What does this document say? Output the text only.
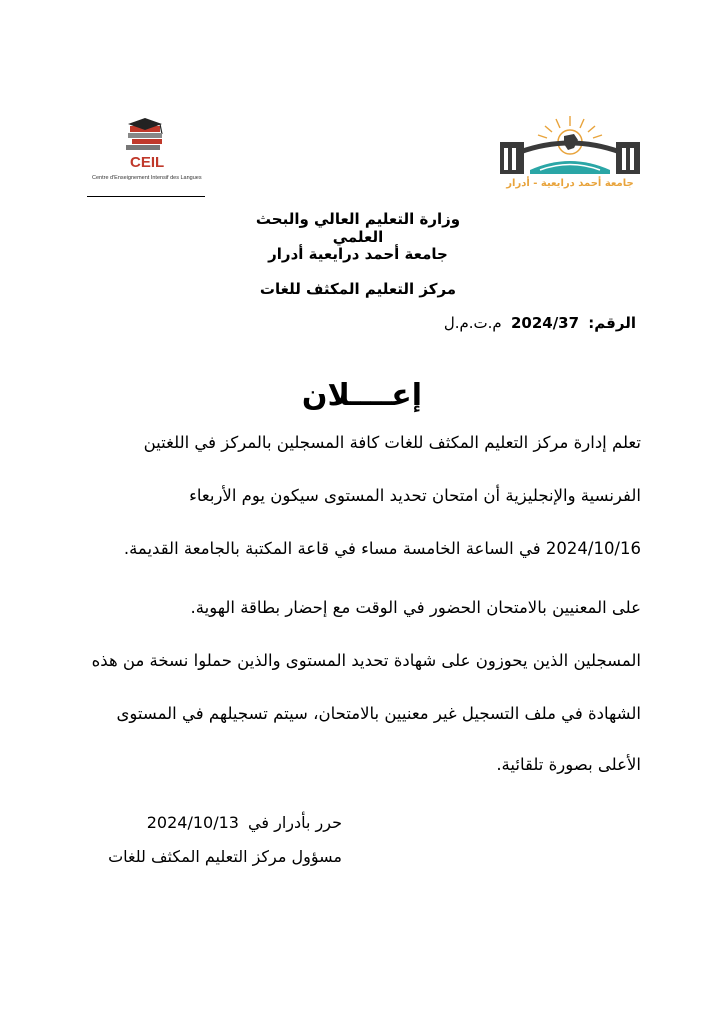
CEIL
Centre d'Enseignement Intensif des Langues	جامعة أحمد درايعية - أدرار
وزارة التعليم العالي والبحث العلمي
جامعة أحمد درايعية أدرار
مركز التعليم المكثف للغات
الرقم: 2024/37 م.ت.م.ل
إعــــلان
تعلم إدارة مركز التعليم المكثف للغات كافة المسجلين بالمركز في اللغتين
الفرنسية والإنجليزية أن امتحان تحديد المستوى سيكون يوم الأربعاء
2024/10/16 في الساعة الخامسة مساء في قاعة المكتبة بالجامعة القديمة.
على المعنيين بالامتحان الحضور في الوقت مع إحضار بطاقة الهوية.
المسجلين الذين يحوزون على شهادة تحديد المستوى والذين حملوا نسخة من هذه
الشهادة في ملف التسجيل غير معنيين بالامتحان، سيتم تسجيلهم في المستوى
الأعلى بصورة تلقائية.
حرر بأدرار في 2024/10/13
مسؤول مركز التعليم المكثف للغات
